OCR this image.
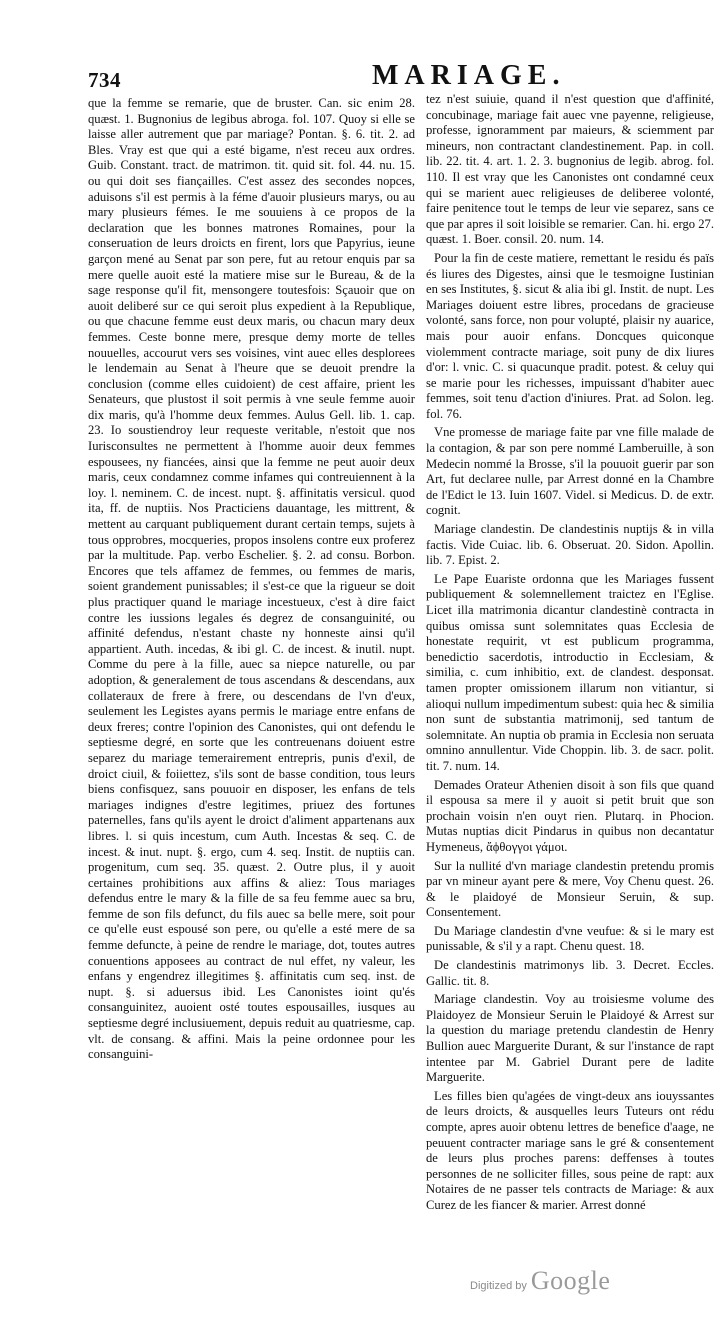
734	MARIAGE.

que la femme se remarie, que de bruster. Can. sic enim 28. quæst. 1. Bugnonius de legibus abroga. fol. 107. Quoy si elle se laisse aller autrement que par mariage? Pontan. §. 6. tit. 2. ad Bles. Vray est que qui a esté bigame, n'est receu aux ordres. Guib. Constant. tract. de matrimon. tit. quid sit. fol. 44. nu. 15. ou qui doit ses fiançailles. C'est assez des secondes nopces, aduisons s'il est permis à la féme d'auoir plusieurs marys, ou au mary plusieurs fémes. Ie me souuiens à ce propos de la declaration que les bonnes matrones Romaines, pour la conseruation de leurs droicts en firent, lors que Papyrius, ieune garçon mené au Senat par son pere, fut au retour enquis par sa mere quelle auoit esté la matiere mise sur le Bureau, & de la sage response qu'il fit, mensongere toutesfois: Sçauoir que on auoit deliberé sur ce qui seroit plus expedient à la Republique, ou que chacune femme eust deux maris, ou chacun mary deux femmes. Ceste bonne mere, presque demy morte de telles nouuelles, accourut vers ses voisines, vint auec elles desplorees le lendemain au Senat à l'heure que se deuoit prendre la conclusion (comme elles cuidoient) de cest affaire, prient les Senateurs, que plustost il soit permis à vne seule femme auoir dix maris, qu'à l'homme deux femmes. Aulus Gell. lib. 1. cap. 23. Io soustiendroy leur requeste veritable, n'estoit que nos Iurisconsultes ne permettent à l'homme auoir deux femmes espousees, ny fiancées, ainsi que la femme ne peut auoir deux maris, ceux condamnez comme infames qui contreuiennent à la loy. l. neminem. C. de incest. nupt. §. affinitatis versicul. quod ita, ff. de nuptiis. Nos Practiciens dauantage, les mittrent, & mettent au carquant publiquement durant certain temps, sujets à tous opprobres, mocqueries, propos insolens contre eux proferez par la multitude. Pap. verbo Eschelier. §. 2. ad consu. Borbon. Encores que tels affamez de femmes, ou femmes de maris, soient grandement punissables; il s'est-ce que la rigueur se doit plus practiquer quand le mariage incestueux, c'est à dire faict contre les iussions legales és degrez de consanguinité, ou affinité defendus, n'estant chaste ny honneste ainsi qu'il appartient. Auth. incedas, & ibi gl. C. de incest. & inutil. nupt. Comme du pere à la fille, auec sa niepce naturelle, ou par adoption, & generalement de tous ascendans & descendans, aux collateraux de frere à frere, ou descendans de l'vn d'eux, seulement les Legistes ayans permis le mariage entre enfans de deux freres; contre l'opinion des Canonistes, qui ont defendu le septiesme degré, en sorte que les contreuenans doiuent estre separez du mariage temerairement entrepris, punis d'exil, de droict ciuil, & foiiettez, s'ils sont de basse condition, tous leurs biens confisquez, sans pouuoir en disposer, les enfans de tels mariages indignes d'estre legitimes, priuez des fortunes paternelles, fans qu'ils ayent le droict d'aliment appartenans aux libres. l. si quis incestum, cum Auth. Incestas & seq. C. de incest. & inut. nupt. §. ergo, cum 4. seq. Instit. de nuptiis can. progenitum, cum seq. 35. quæst. 2. Outre plus, il y auoit certaines prohibitions aux affins & aliez: Tous mariages defendus entre le mary & la fille de sa feu femme auec sa bru, femme de son fils defunct, du fils auec sa belle mere, soit pour ce qu'elle eust espousé son pere, ou qu'elle a esté mere de sa femme defuncte, à peine de rendre le mariage, dot, toutes autres conuentions apposees au contract de nul effet, ny valeur, les enfans y engendrez illegitimes §. affinitatis cum seq. inst. de nupt. §. si aduersus ibid. Les Canonistes ioint qu'és consanguinitez, auoient osté toutes espousailles, iusques au septiesme degré inclusiuement, depuis reduit au quatriesme, cap. vlt. de consang. & affini. Mais la peine ordonnee pour les consanguini-

tez n'est suiuie, quand il n'est question que d'affinité, concubinage, mariage fait auec vne payenne, religieuse, professe, ignoramment par maieurs, & sciemment par mineurs, non contractant clandestinement. Pap. in coll. lib. 22. tit. 4. art. 1. 2. 3. bugnonius de legib. abrog. fol. 110. Il est vray que les Canonistes ont condamné ceux qui se marient auec religieuses de deliberee volonté, faire penitence tout le temps de leur vie separez, sans ce que par apres il soit loisible se remarier. Can. hi. ergo 27. quæst. 1. Boer. consil. 20. num. 14.

Pour la fin de ceste matiere, remettant le residu és païs és liures des Digestes, ainsi que le tesmoigne Iustinian en ses Institutes, §. sicut & alia ibi gl. Instit. de nupt. Les Mariages doiuent estre libres, procedans de gracieuse volonté, sans force, non pour volupté, plaisir ny auarice, mais pour auoir enfans. Doncques quiconque violemment contracte mariage, soit puny de dix liures d'or: l. vnic. C. si quacunque pradit. potest. & celuy qui se marie pour les richesses, impuissant d'habiter auec femmes, soit tenu d'action d'iniures. Prat. ad Solon. leg. fol. 76.

Vne promesse de mariage faite par vne fille malade de la contagion, & par son pere nommé Lamberuille, à son Medecin nommé la Brosse, s'il la pouuoit guerir par son Art, fut declaree nulle, par Arrest donné en la Chambre de l'Edict le 13. Iuin 1607. Videl. si Medicus. D. de extr. cognit.

Mariage clandestin. De clandestinis nuptijs & in villa factis. Vide Cuiac. lib. 6. Obseruat. 20. Sidon. Apollin. lib. 7. Epist. 2.

Le Pape Euariste ordonna que les Mariages fussent publiquement & solemnellement traictez en l'Eglise. Licet illa matrimonia dicantur clandestinè contracta in quibus omissa sunt solemnitates quas Ecclesia de honestate requirit, vt est publicum programma, benedictio sacerdotis, introductio in Ecclesiam, & similia, c. cum inhibitio, ext. de clandest. desponsat. tamen propter omissionem illarum non vitiantur, si alioqui nullum impedimentum subest: quia hec & similia non sunt de substantia matrimonij, sed tantum de solemnitate. An nuptia ob pramia in Ecclesia non seruata omnino annullentur. Vide Choppin. lib. 3. de sacr. polit. tit. 7. num. 14.

Demades Orateur Athenien disoit à son fils que quand il espousa sa mere il y auoit si petit bruit que son prochain voisin n'en ouyt rien. Plutarq. in Phocion. Mutas nuptias dicit Pindarus in quibus non decantatur Hymeneus, ἄϕθογγοι γάμοι.

Sur la nullité d'vn mariage clandestin pretendu promis par vn mineur ayant pere & mere, Voy Chenu quest. 26. & le plaidoyé de Monsieur Seruin, & sup. Consentement.

Du Mariage clandestin d'vne veufue: & si le mary est punissable, & s'il y a rapt. Chenu quest. 18.

De clandestinis matrimonys lib. 3. Decret. Eccles. Gallic. tit. 8.

Mariage clandestin. Voy au troisiesme volume des Plaidoyez de Monsieur Seruin le Plaidoyé & Arrest sur la question du mariage pretendu clandestin de Henry Bullion auec Marguerite Durant, & sur l'instance de rapt intentee par M. Gabriel Durant pere de ladite Marguerite.

Les filles bien qu'agées de vingt-deux ans iouyssantes de leurs droicts, & ausquelles leurs Tuteurs ont rédu compte, apres auoir obtenu lettres de benefice d'aage, ne peuuent contracter mariage sans le gré & consentement de leurs plus proches parens: deffenses à toutes personnes de ne solliciter filles, sous peine de rapt: aux Notaires de ne passer tels contracts de Mariage: & aux Curez de les fiancer & marier. Arrest donné

Digitized by Google
